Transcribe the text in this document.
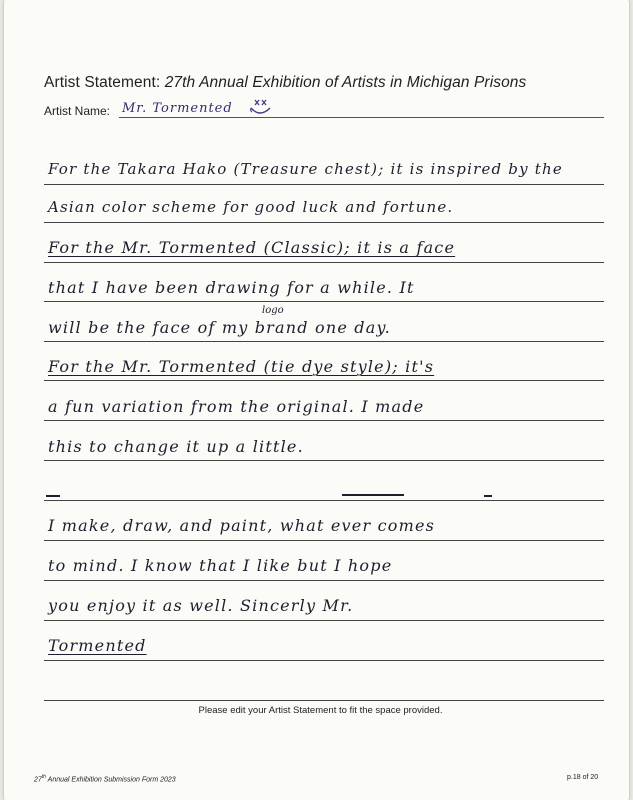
Artist Statement: 27th Annual Exhibition of Artists in Michigan Prisons
Artist Name: Mr. Tormented
For the Takara Hako (Treasure chest); it is inspired by the
Asian color scheme for good luck and fortune.
For the Mr. Tormented (Classic); it is a face
that I have been drawing for a while. It
logo
will be the face of my brand one day.
For the Mr. Tormented (tie dye style); it's
a fun variation from the original. I made
this to change it up a little.
I make, draw, and paint, what ever comes
to mind. I know that I like but I hope
you enjoy it as well. Sincerly Mr.
Tormented
Please edit your Artist Statement to fit the space provided.
27th Annual Exhibition Submission Form 2023	p.18 of 20
